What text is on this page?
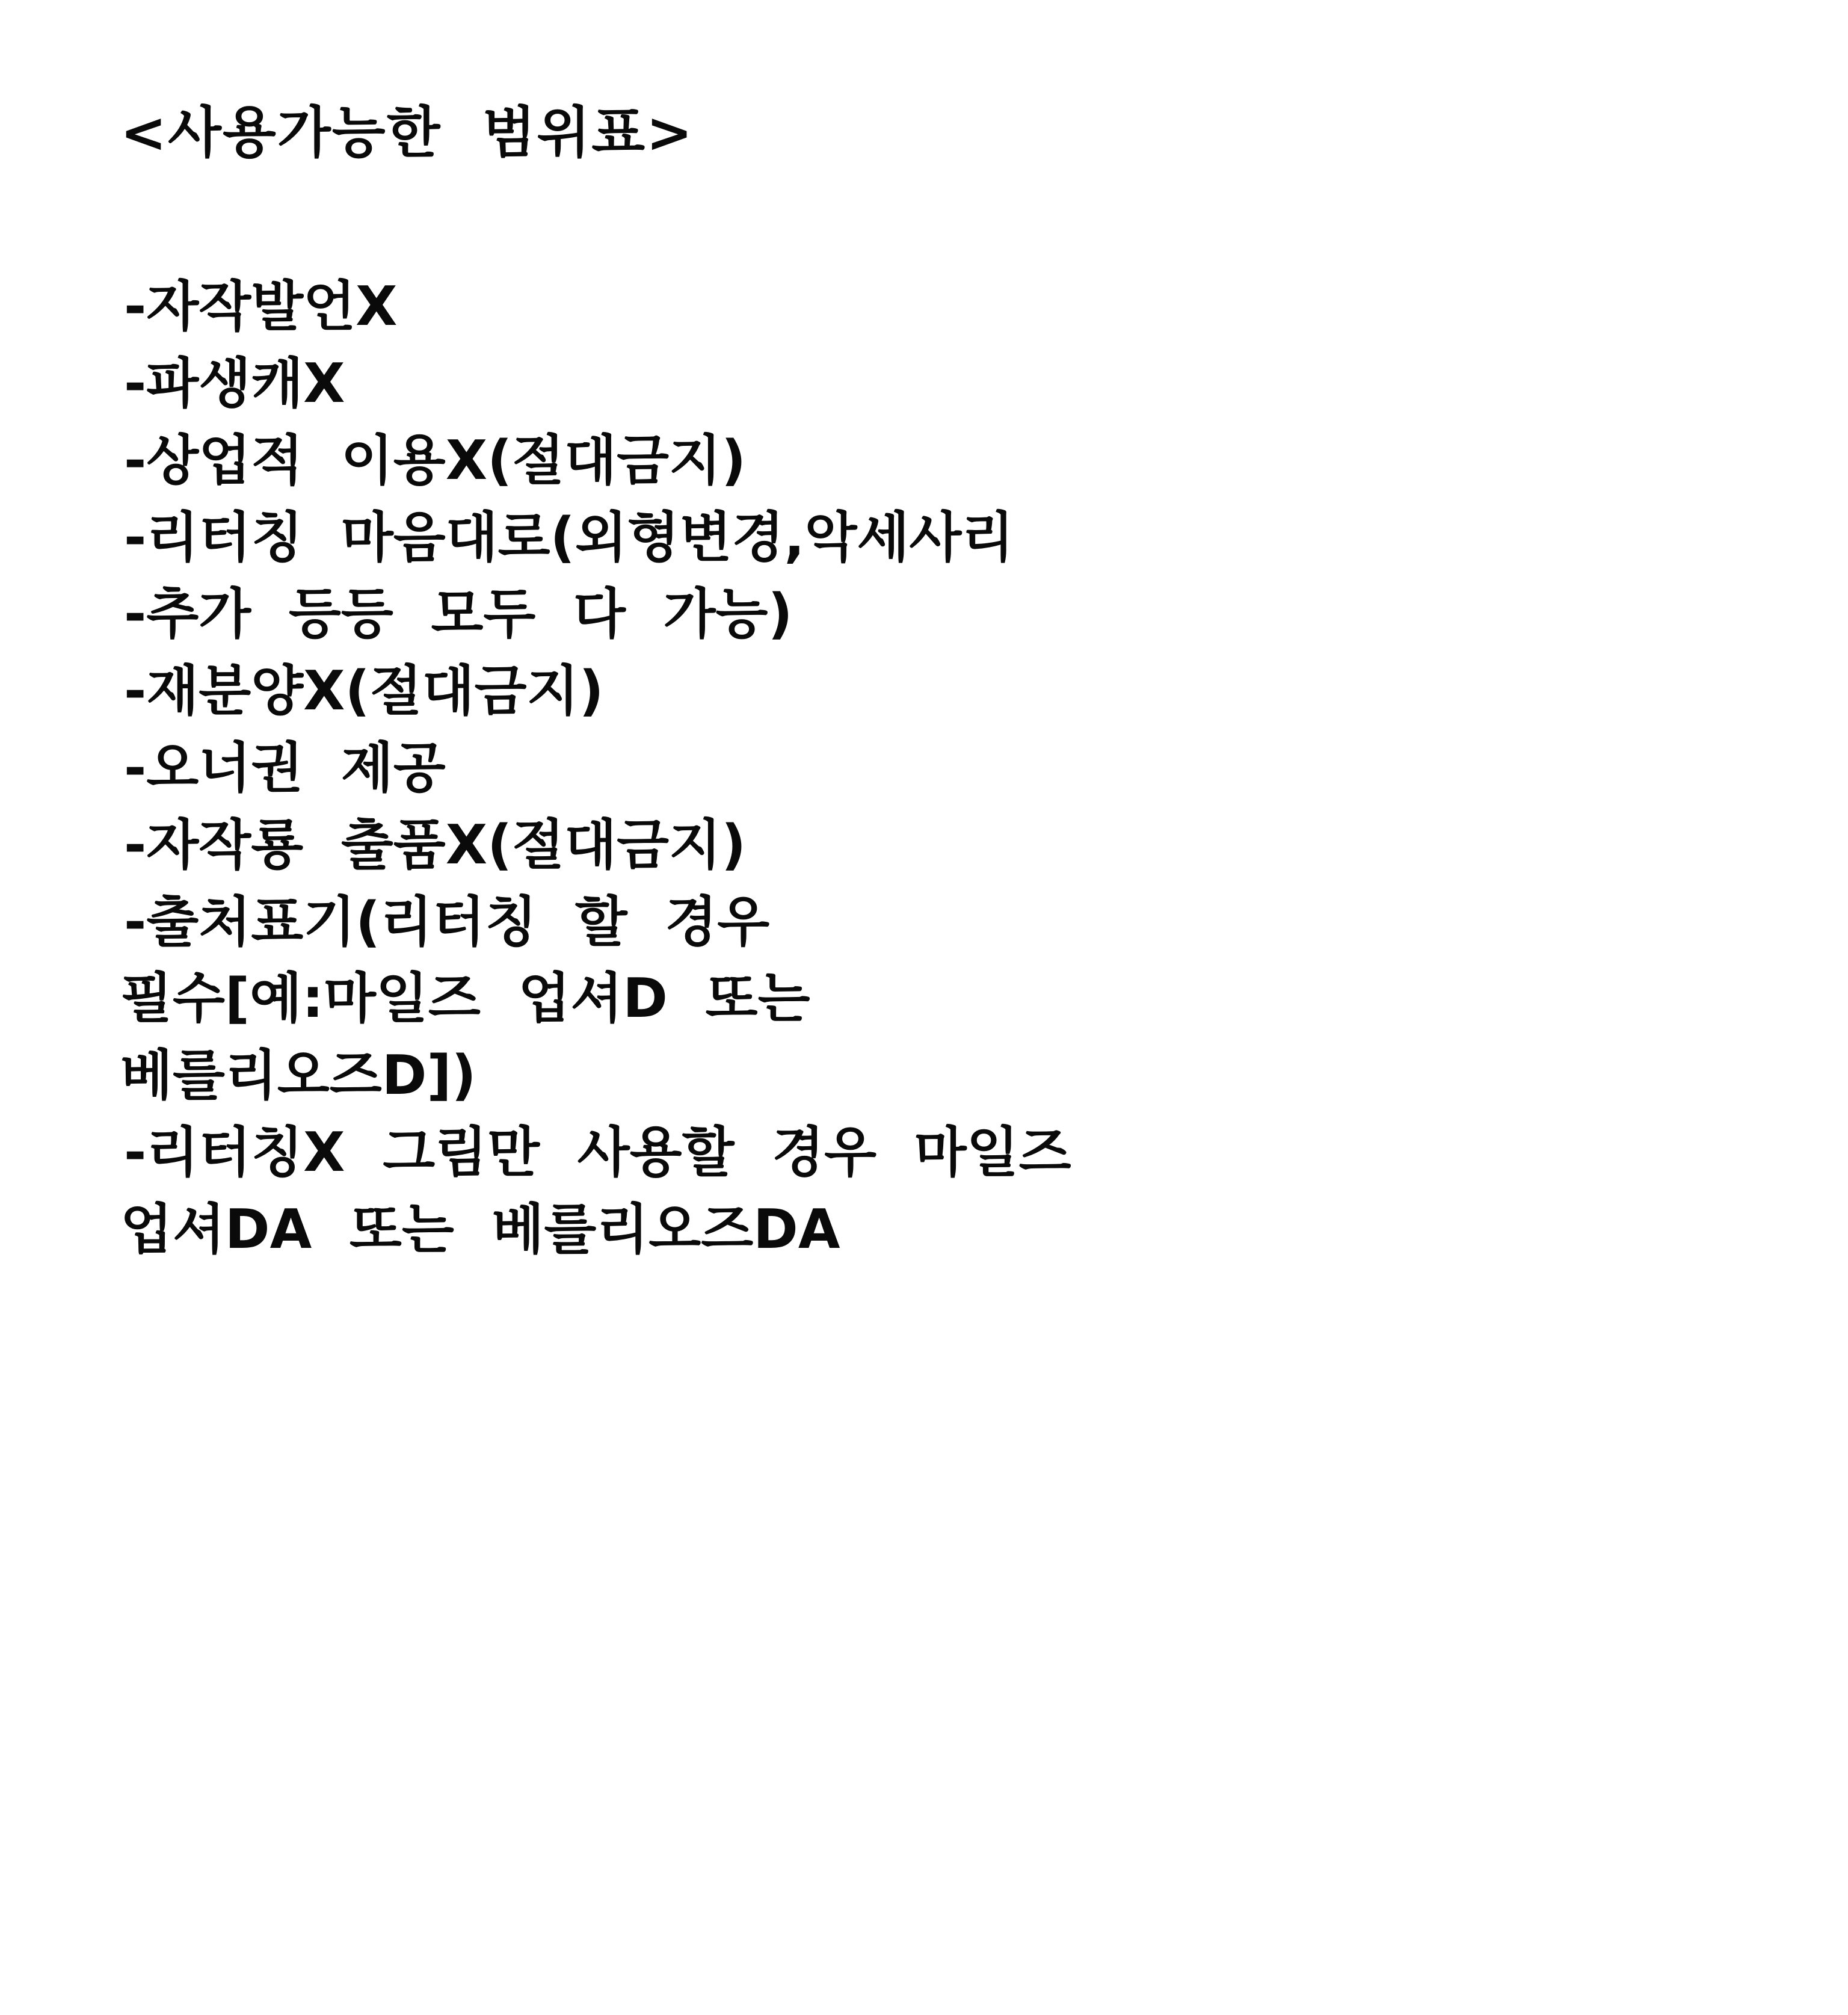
<사용가능한  범위표>

-자작발언X

-파생캐X

-상업적  이용X(절대금지)

-리터칭  마음대로(외형변경,악세사리

-추가  등등  모두  다  가능)

-재분양X(절대금지)

-오너권  제공

-자작룡  출품X(절대금지)

-출처표기(리터칭  할  경우

필수[예:마일즈  업셔D  또는

베를리오즈D])

-리터칭X  그림만  사용할  경우  마일즈

업셔DA  또는  베를리오즈DA
